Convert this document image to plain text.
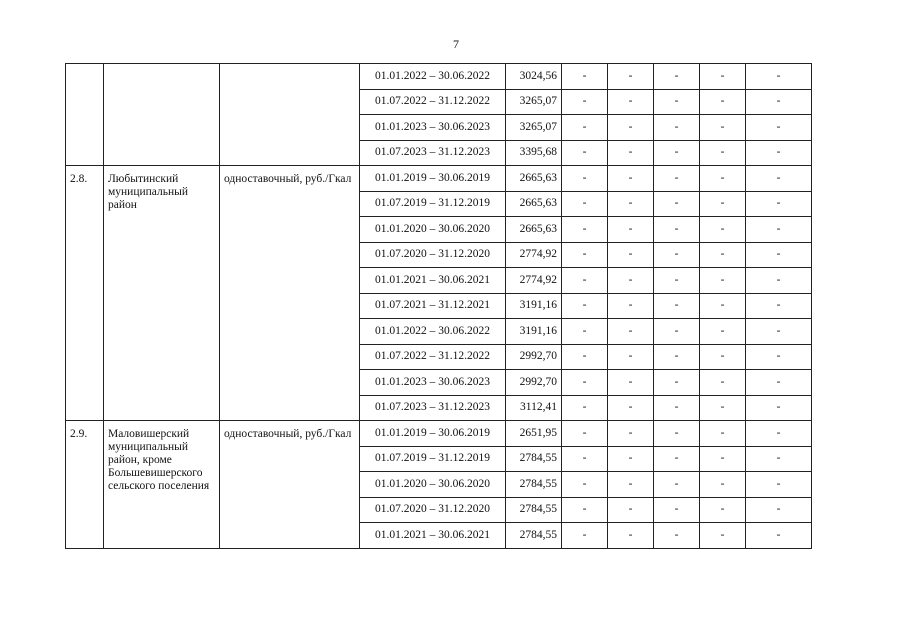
7
			01.01.2022 – 30.06.2022	3024,56	-	-	-	-	-
			01.07.2022 – 31.12.2022	3265,07	-	-	-	-	-
			01.01.2023 – 30.06.2023	3265,07	-	-	-	-	-
			01.07.2023 – 31.12.2023	3395,68	-	-	-	-	-
2.8.	Любытинский муниципальный район	одноставочный, руб./Гкал	01.01.2019 – 30.06.2019	2665,63	-	-	-	-	-
			01.07.2019 – 31.12.2019	2665,63	-	-	-	-	-
			01.01.2020 – 30.06.2020	2665,63	-	-	-	-	-
			01.07.2020 – 31.12.2020	2774,92	-	-	-	-	-
			01.01.2021 – 30.06.2021	2774,92	-	-	-	-	-
			01.07.2021 – 31.12.2021	3191,16	-	-	-	-	-
			01.01.2022 – 30.06.2022	3191,16	-	-	-	-	-
			01.07.2022 – 31.12.2022	2992,70	-	-	-	-	-
			01.01.2023 – 30.06.2023	2992,70	-	-	-	-	-
			01.07.2023 – 31.12.2023	3112,41	-	-	-	-	-
2.9.	Маловишерский муниципальный район, кроме Большевишерского сельского поселения	одноставочный, руб./Гкал	01.01.2019 – 30.06.2019	2651,95	-	-	-	-	-
			01.07.2019 – 31.12.2019	2784,55	-	-	-	-	-
			01.01.2020 – 30.06.2020	2784,55	-	-	-	-	-
			01.07.2020 – 31.12.2020	2784,55	-	-	-	-	-
			01.01.2021 – 30.06.2021	2784,55	-	-	-	-	-
